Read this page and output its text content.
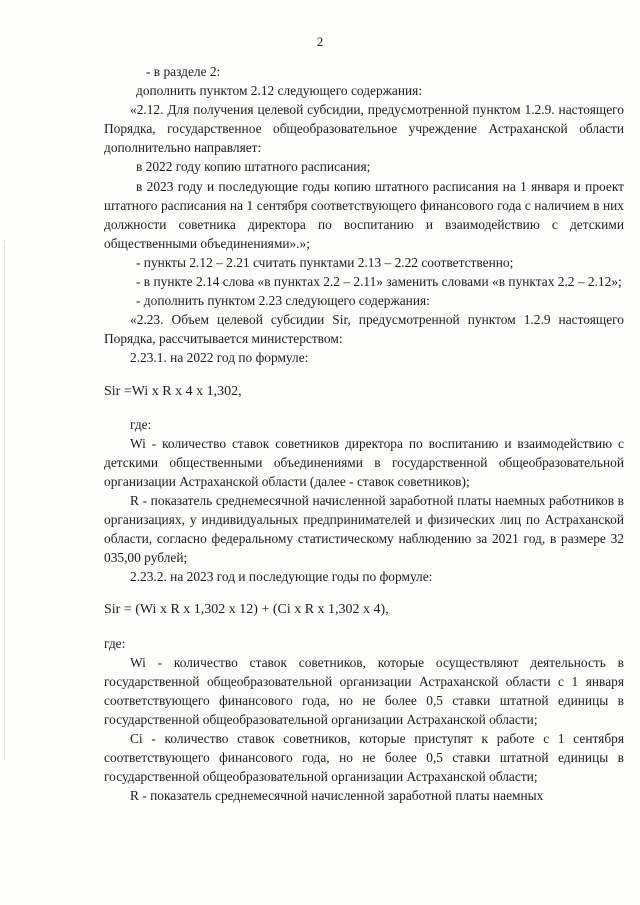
2

- в разделе 2:

дополнить пунктом 2.12 следующего содержания:

«2.12. Для получения целевой субсидии, предусмотренной пунктом 1.2.9. настоящего Порядка, государственное общеобразовательное учреждение Астраханской области дополнительно направляет:

в 2022 году копию штатного расписания;

в 2023 году и последующие годы копию штатного расписания на 1 января и проект штатного расписания на 1 сентября соответствующего финансового года с наличием в них должности советника директора по воспитанию и взаимодействию с детскими общественными объединениями».»;

- пункты 2.12 – 2.21 считать пунктами 2.13 – 2.22 соответственно;

- в пункте 2.14 слова «в пунктах 2.2 – 2.11» заменить словами «в пунктах 2.2 – 2.12»;

- дополнить пунктом 2.23 следующего содержания:

«2.23. Объем целевой субсидии Sir, предусмотренной пунктом 1.2.9 настоящего Порядка, рассчитывается министерством:

2.23.1. на 2022 год по формуле:

Sir =Wi x R x 4 x 1,302,

где:

Wi - количество ставок советников директора по воспитанию и взаимодействию с детскими общественными объединениями в государственной общеобразовательной организации Астраханской области (далее - ставок советников);

R - показатель среднемесячной начисленной заработной платы наемных работников в организациях, у индивидуальных предпринимателей и физических лиц по Астраханской области, согласно федеральному статистическому наблюдению за 2021 год, в размере 32 035,00 рублей;

2.23.2. на 2023 год и последующие годы по формуле:

Sir = (Wi x R x 1,302 x 12) + (Ci x R x 1,302 x 4),

где:

Wi - количество ставок советников, которые осуществляют деятельность в государственной общеобразовательной организации Астраханской области с 1 января соответствующего финансового года, но не более 0,5 ставки штатной единицы в государственной общеобразовательной организации Астраханской области;

Ci - количество ставок советников, которые приступят к работе с 1 сентября соответствующего финансового года, но не более 0,5 ставки штатной единицы в государственной общеобразовательной организации Астраханской области;

R - показатель среднемесячной начисленной заработной платы наемных
